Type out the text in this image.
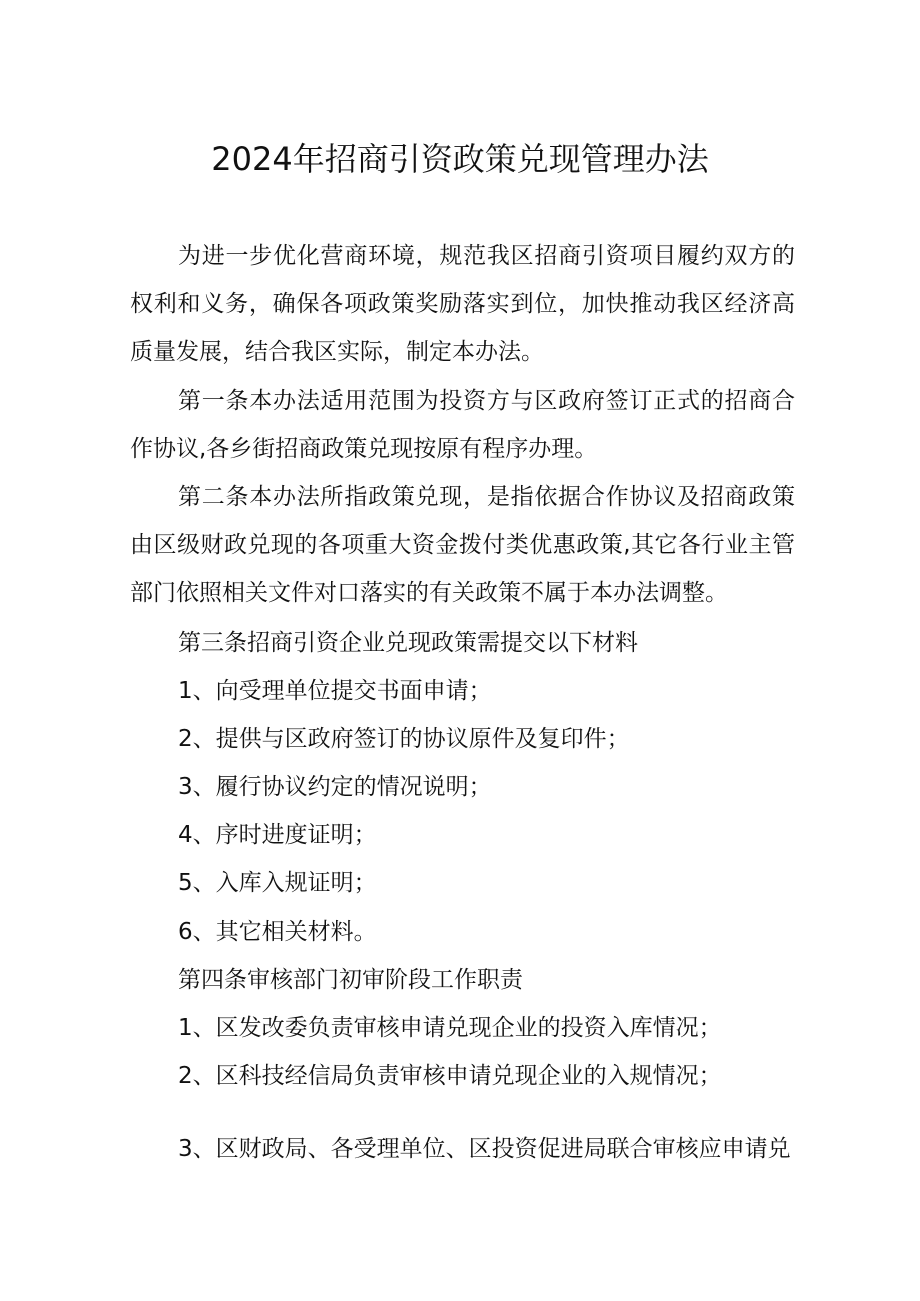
2024年招商引资政策兑现管理办法

为进一步优化营商环境，规范我区招商引资项目履约双方的权利和义务，确保各项政策奖励落实到位，加快推动我区经济高质量发展，结合我区实际，制定本办法。

第一条本办法适用范围为投资方与区政府签订正式的招商合作协议,各乡街招商政策兑现按原有程序办理。

第二条本办法所指政策兑现，是指依据合作协议及招商政策由区级财政兑现的各项重大资金拨付类优惠政策,其它各行业主管部门依照相关文件对口落实的有关政策不属于本办法调整。

第三条招商引资企业兑现政策需提交以下材料

1、向受理单位提交书面申请；

2、提供与区政府签订的协议原件及复印件；

3、履行协议约定的情况说明；

4、序时进度证明；

5、入库入规证明；

6、其它相关材料。

第四条审核部门初审阶段工作职责

1、区发改委负责审核申请兑现企业的投资入库情况；

2、区科技经信局负责审核申请兑现企业的入规情况；

3、区财政局、各受理单位、区投资促进局联合审核应申请兑
